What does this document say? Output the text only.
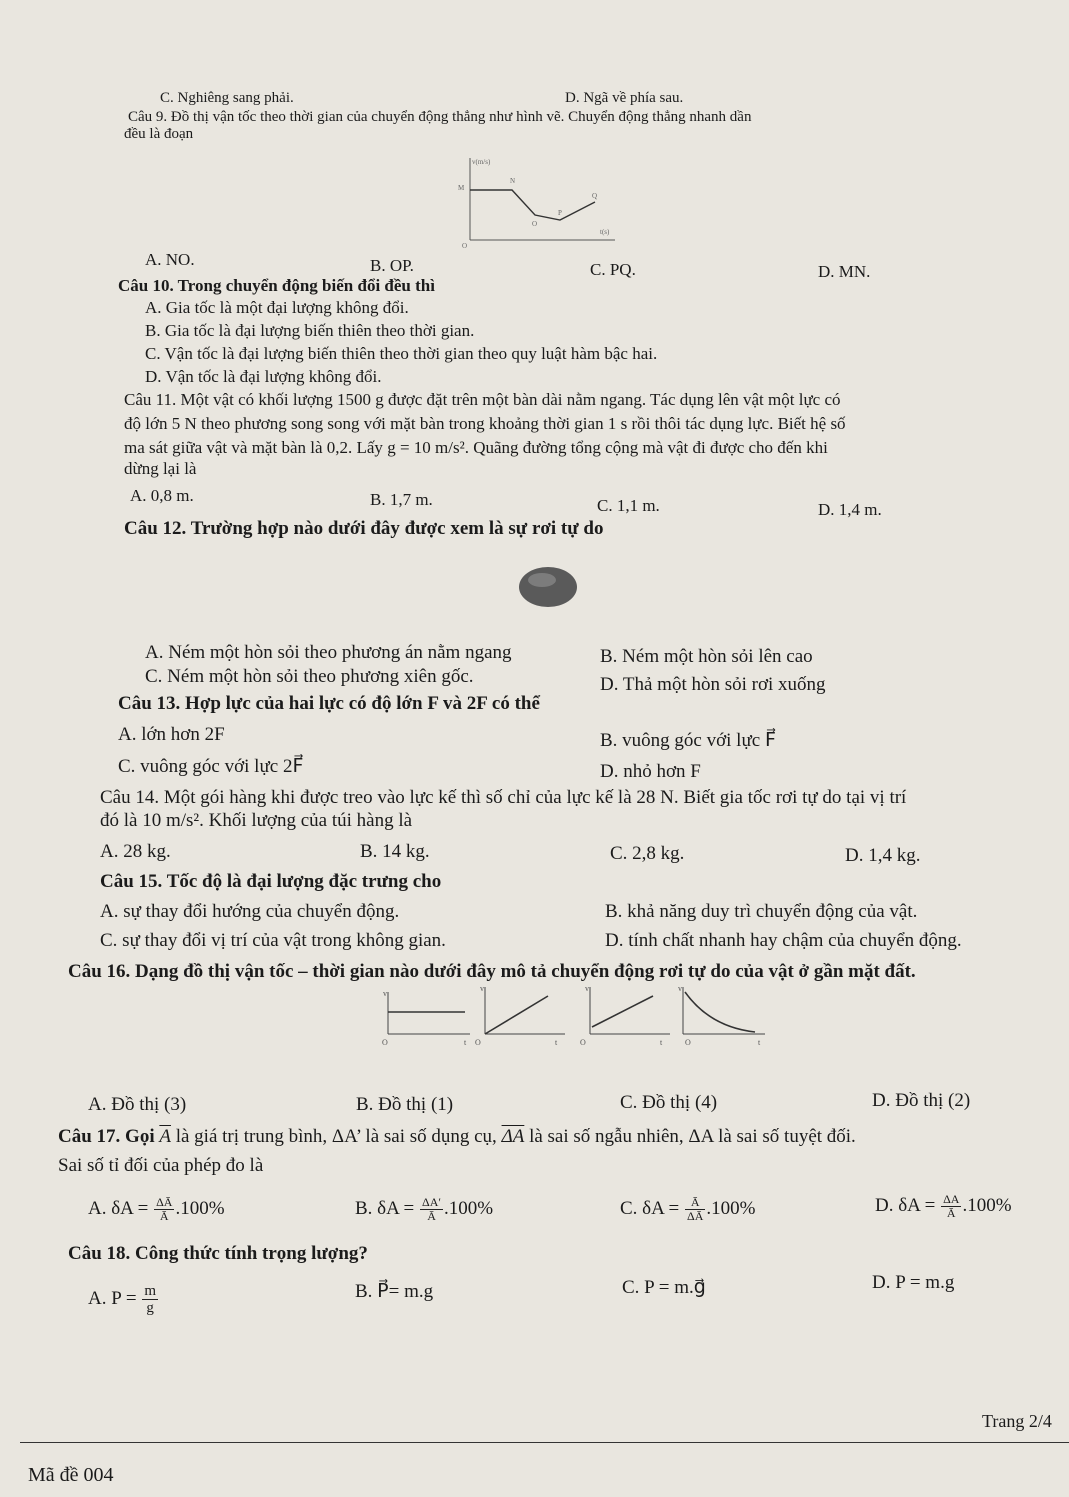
C. Nghiêng sang phải.	D. Ngã về phía sau.
Câu 9. Đồ thị vận tốc theo thời gian của chuyển động thẳng như hình vẽ. Chuyển động thẳng nhanh dần
đều là đoạn
v(m/s)
M
N
O
P
Q
t(s)
O
A. NO.	B. OP.	C. PQ.	D. MN.
Câu 10. Trong chuyển động biến đổi đều thì
A. Gia tốc là một đại lượng không đổi.
B. Gia tốc là đại lượng biến thiên theo thời gian.
C. Vận tốc là đại lượng biến thiên theo thời gian theo quy luật hàm bậc hai.
D. Vận tốc là đại lượng không đổi.
Câu 11. Một vật có khối lượng 1500 g được đặt trên một bàn dài nằm ngang. Tác dụng lên vật một lực có
độ lớn 5 N theo phương song song với mặt bàn trong khoảng thời gian 1 s rồi thôi tác dụng lực. Biết hệ số
ma sát giữa vật và mặt bàn là 0,2. Lấy g = 10 m/s². Quãng đường tổng cộng mà vật đi được cho đến khi
dừng lại là
A. 0,8 m.	B. 1,7 m.	C. 1,1 m.	D. 1,4 m.
Câu 12. Trường hợp nào dưới đây được xem là sự rơi tự do
A. Ném một hòn sỏi theo phương án nằm ngang	B. Ném một hòn sỏi lên cao
C. Ném một hòn sỏi theo phương xiên gốc.	D. Thả một hòn sỏi rơi xuống
Câu 13. Hợp lực của hai lực có độ lớn F và 2F có thể
A. lớn hơn 2F	B. vuông góc với lực F⃗
C. vuông góc với lực 2F⃗	D. nhỏ hơn F
Câu 14. Một gói hàng khi được treo vào lực kế thì số chỉ của lực kế là 28 N. Biết gia tốc rơi tự do tại vị trí
đó là 10 m/s². Khối lượng của túi hàng là
A. 28 kg.	B. 14 kg.	C. 2,8 kg.	D. 1,4 kg.
Câu 15. Tốc độ là đại lượng đặc trưng cho
A. sự thay đổi hướng của chuyển động.	B. khả năng duy trì chuyển động của vật.
C. sự thay đổi vị trí của vật trong không gian.	D. tính chất nhanh hay chậm của chuyển động.
Câu 16. Dạng đồ thị vận tốc – thời gian nào dưới đây mô tả chuyển động rơi tự do của vật ở gần mặt đất.
v
O	t
v
O	t
v
O	t
v
O	t
A. Đồ thị (3)	B. Đồ thị (1)	C. Đồ thị (4)	D. Đồ thị (2)
Câu 17. Gọi $\overline{A}$ là giá trị trung bình, ΔA’ là sai số dụng cụ, $\overline{\Delta A}$ là sai số ngẫu nhiên, ΔA là sai số tuyệt đối.
Sai số tỉ đối của phép đo là
A. $\delta A = \frac{\Delta Ā}{Ā} .100\%$	B. $\delta A = \frac{\Delta A'}{Ā} .100\%$	C. $\delta A = \frac{Ā}{\Delta Ā} .100\%$	D. $\delta A = \frac{\Delta A}{Ā} .100\%$
Câu 18. Công thức tính trọng lượng?
A. $P = \frac{m}{g}$	B. P⃗= m.g	C. P = m.g⃗	D. P = m.g
Trang 2/4
Mã đề 004
